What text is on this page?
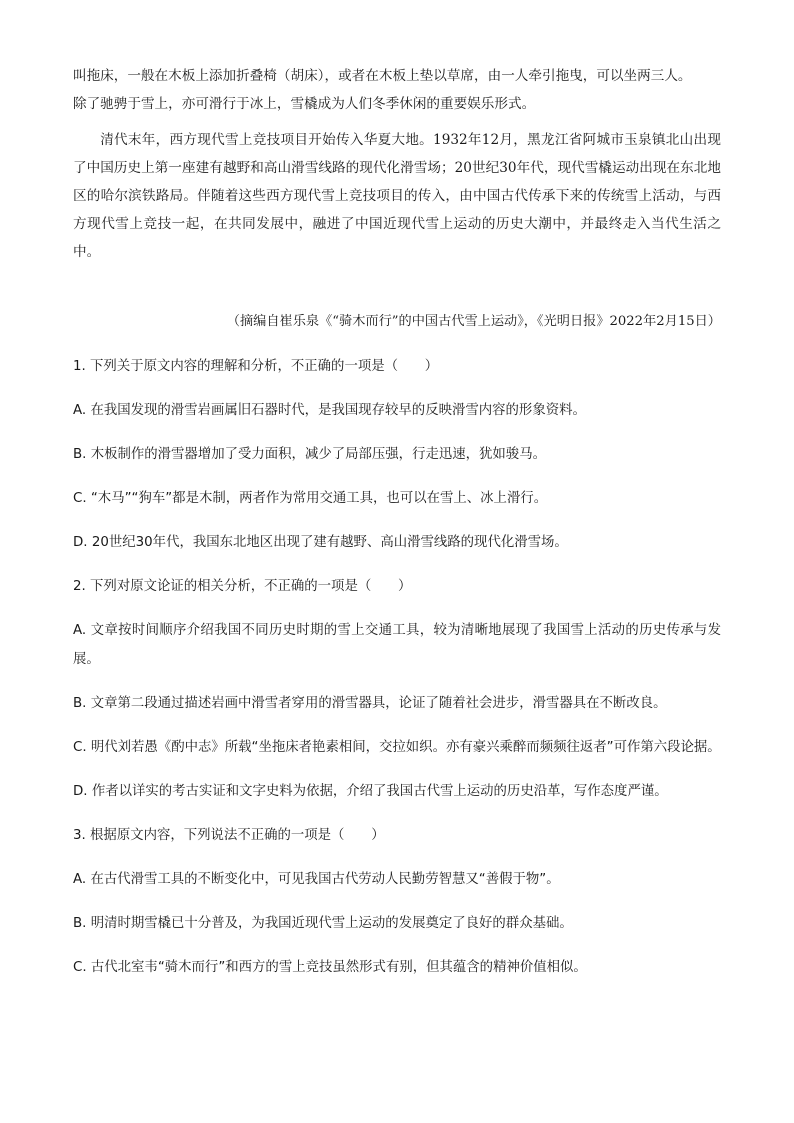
叫拖床，一般在木板上添加折叠椅（胡床），或者在木板上垫以草席，由一人牵引拖曳，可以坐两三人。

除了驰骋于雪上，亦可滑行于冰上，雪橇成为人们冬季休闲的重要娱乐形式。

清代末年，西方现代雪上竞技项目开始传入华夏大地。1932年12月，黑龙江省阿城市玉泉镇北山出现了中国历史上第一座建有越野和高山滑雪线路的现代化滑雪场；20世纪30年代，现代雪橇运动出现在东北地区的哈尔滨铁路局。伴随着这些西方现代雪上竞技项目的传入，由中国古代传承下来的传统雪上活动，与西方现代雪上竞技一起，在共同发展中，融进了中国近现代雪上运动的历史大潮中，并最终走入当代生活之中。

（摘编自崔乐泉《“骑木而行”的中国古代雪上运动》，《光明日报》2022年2月15日）

1. 下列关于原文内容的理解和分析，不正确的一项是（　　）

A. 在我国发现的滑雪岩画属旧石器时代，是我国现存较早的反映滑雪内容的形象资料。

B. 木板制作的滑雪器增加了受力面积，减少了局部压强，行走迅速，犹如骏马。

C. “木马”“狗车”都是木制，两者作为常用交通工具，也可以在雪上、冰上滑行。

D. 20世纪30年代，我国东北地区出现了建有越野、高山滑雪线路的现代化滑雪场。

2. 下列对原文论证的相关分析，不正确的一项是（　　）

A. 文章按时间顺序介绍我国不同历史时期的雪上交通工具，较为清晰地展现了我国雪上活动的历史传承与发展。

B. 文章第二段通过描述岩画中滑雪者穿用的滑雪器具，论证了随着社会进步，滑雪器具在不断改良。

C. 明代刘若愚《酌中志》所载“坐拖床者艳素相间，交拉如织。亦有豪兴乘醉而频频往返者”可作第六段论据。

D. 作者以详实的考古实证和文字史料为依据，介绍了我国古代雪上运动的历史沿革，写作态度严谨。

3. 根据原文内容，下列说法不正确的一项是（　　）

A. 在古代滑雪工具的不断变化中，可见我国古代劳动人民勤劳智慧又“善假于物”。

B. 明清时期雪橇已十分普及，为我国近现代雪上运动的发展奠定了良好的群众基础。

C. 古代北室韦“骑木而行”和西方的雪上竞技虽然形式有别，但其蕴含的精神价值相似。
